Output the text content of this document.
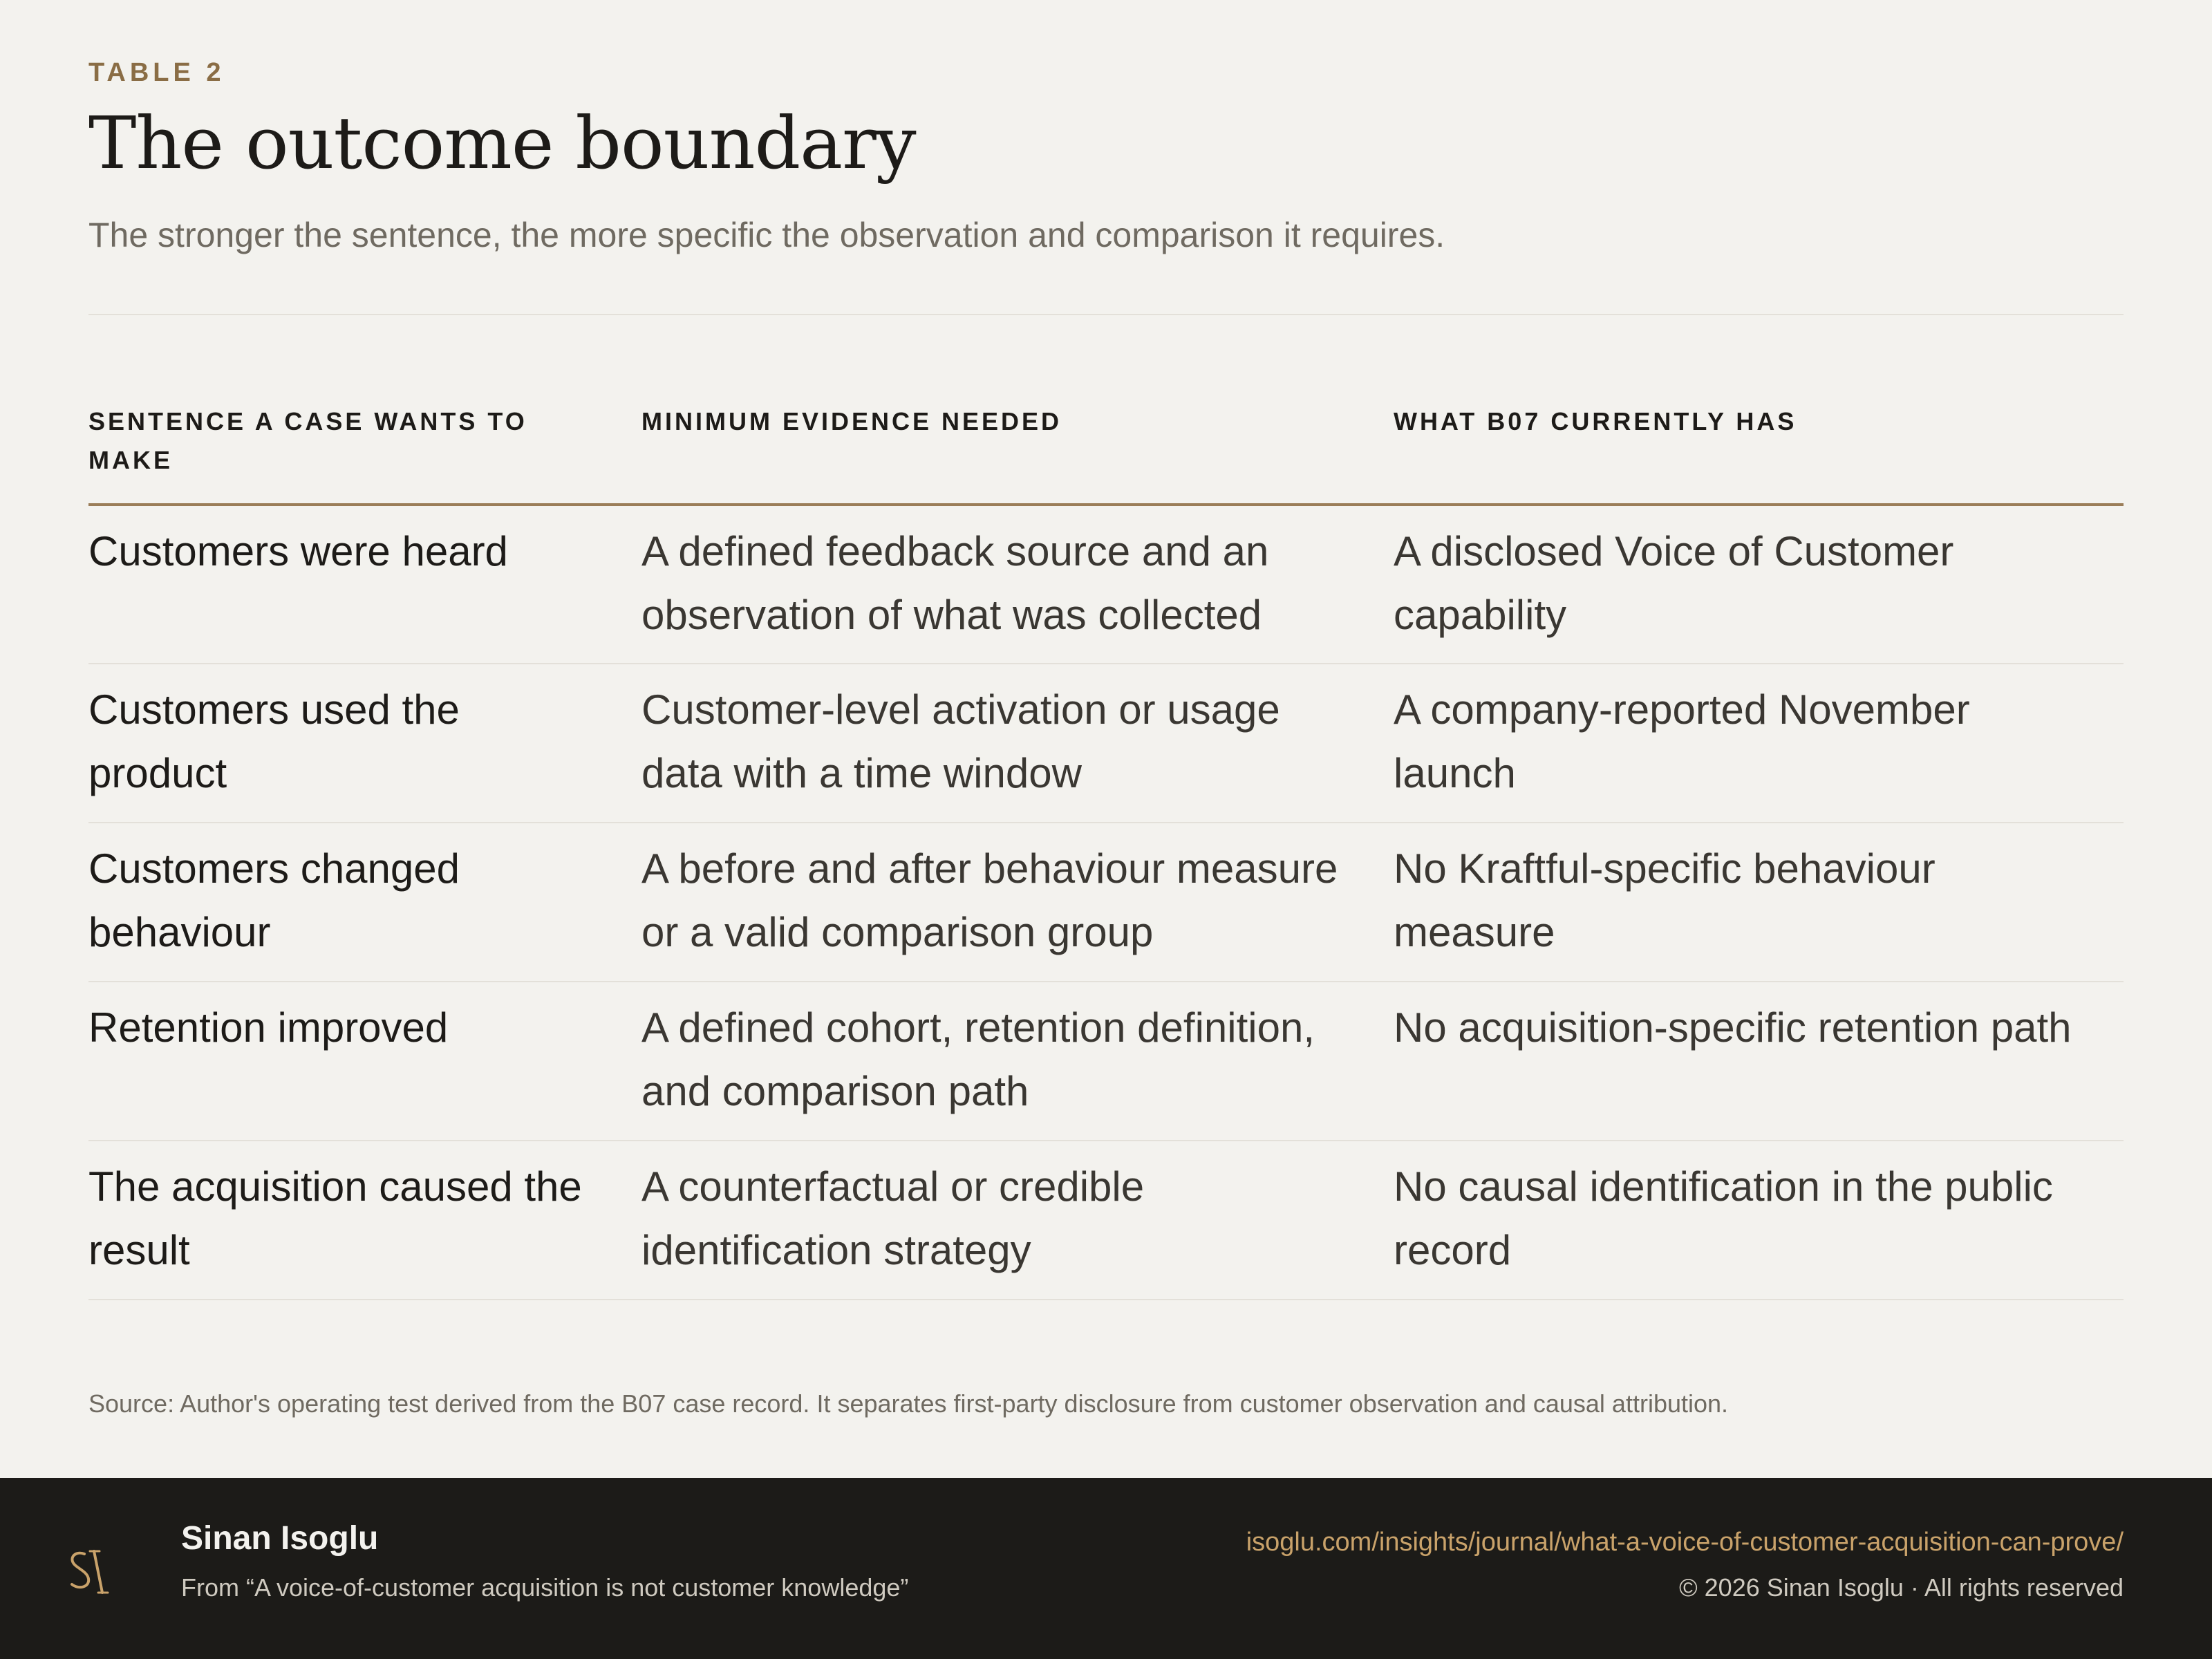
TABLE 2
The outcome boundary
The stronger the sentence, the more specific the observation and comparison it requires.
SENTENCE A CASE WANTS TO MAKE	MINIMUM EVIDENCE NEEDED	WHAT B07 CURRENTLY HAS
Customers were heard	A defined feedback source and an observation of what was collected	A disclosed Voice of Customer capability
Customers used the product	Customer-level activation or usage data with a time window	A company-reported November launch
Customers changed behaviour	A before and after behaviour measure or a valid comparison group	No Kraftful-specific behaviour measure
Retention improved	A defined cohort, retention definition, and comparison path	No acquisition-specific retention path
The acquisition caused the result	A counterfactual or credible identification strategy	No causal identification in the public record
Source: Author's operating test derived from the B07 case record. It separates first-party disclosure from customer observation and causal attribution.
Sinan Isoglu
From “A voice-of-customer acquisition is not customer knowledge”
isoglu.com/insights/journal/what-a-voice-of-customer-acquisition-can-prove/
© 2026 Sinan Isoglu · All rights reserved
